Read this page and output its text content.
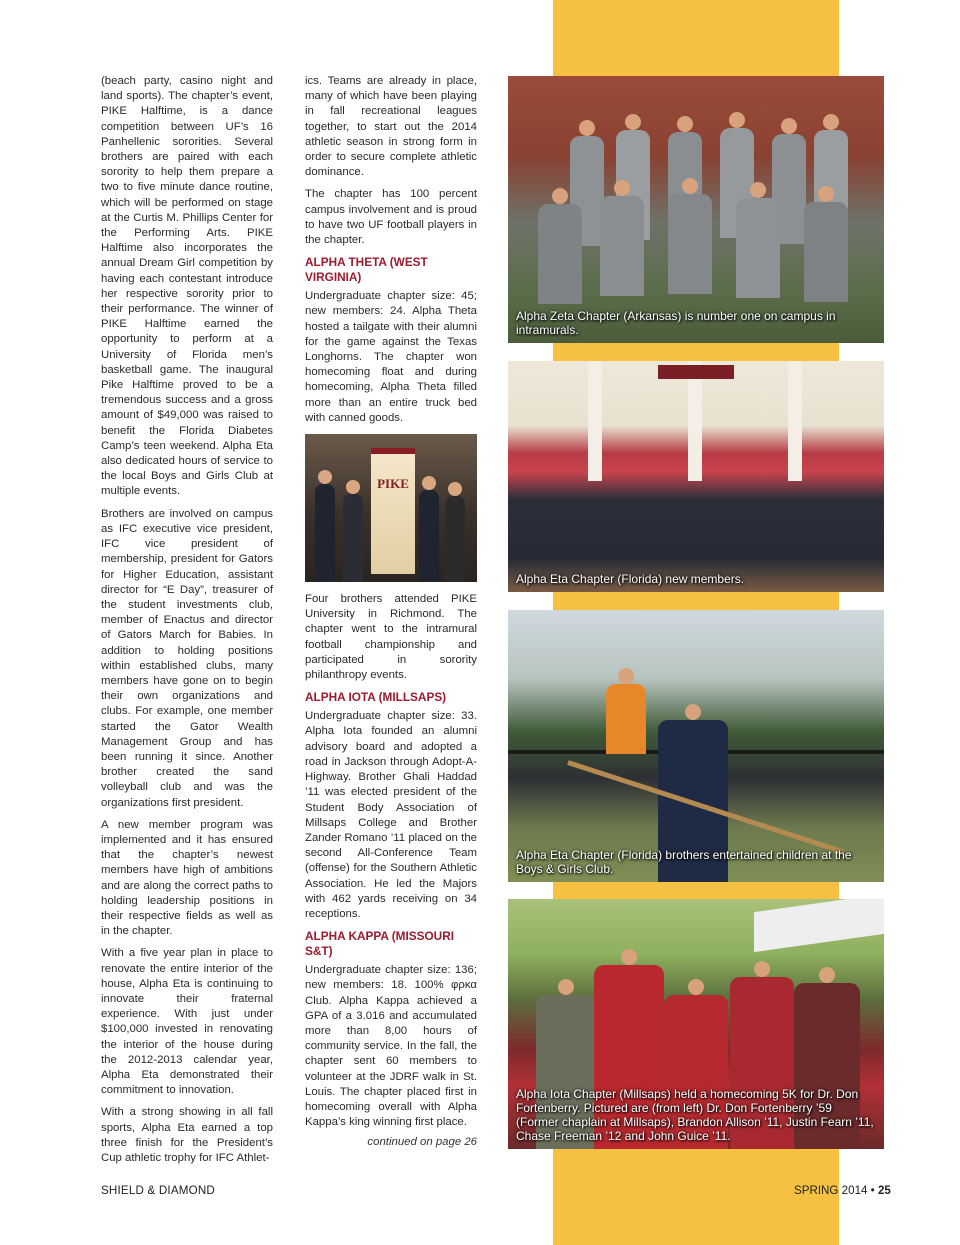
(beach party, casino night and land sports). The chapter’s event, PIKE Halftime, is a dance competition between UF’s 16 Panhellenic sororities. Several brothers are paired with each sorority to help them prepare a two to five minute dance routine, which will be performed on stage at the Curtis M. Phillips Center for the Performing Arts. PIKE Halftime also incorporates the annual Dream Girl competition by having each contestant introduce her respective sorority prior to their performance. The winner of PIKE Halftime earned the opportunity to perform at a University of Florida men’s basketball game. The inaugural Pike Halftime proved to be a tremendous success and a gross amount of $49,000 was raised to benefit the Florida Diabetes Camp’s teen weekend. Alpha Eta also dedicated hours of service to the local Boys and Girls Club at multiple events.

Brothers are involved on campus as IFC executive vice president, IFC vice president of membership, president for Gators for Higher Education, assistant director for “E Day”, treasurer of the student investments club, member of Enactus and director of Gators March for Babies. In addition to holding positions within established clubs, many members have gone on to begin their own organizations and clubs. For example, one member started the Gator Wealth Management Group and has been running it since. Another brother created the sand volleyball club and was the organizations first president.

A new member program was implemented and it has ensured that the chapter’s newest members have high of ambitions and are along the correct paths to holding leadership positions in their respective fields as well as in the chapter.

With a five year plan in place to renovate the entire interior of the house, Alpha Eta is continuing to innovate their fraternal experience. With just under $100,000 invested in renovating the interior of the house during the 2012-2013 calendar year, Alpha Eta demonstrated their commitment to innovation.

With a strong showing in all fall sports, Alpha Eta earned a top three finish for the President’s Cup athletic trophy for IFC Athlet-

ics. Teams are already in place, many of which have been playing in fall recreational leagues together, to start out the 2014 athletic season in strong form in order to secure complete athletic dominance.

The chapter has 100 percent campus involvement and is proud to have two UF football players in the chapter.

ALPHA THETA (WEST VIRGINIA)

Undergraduate chapter size: 45; new members: 24. Alpha Theta hosted a tailgate with their alumni for the game against the Texas Longhorns. The chapter won homecoming float and during homecoming, Alpha Theta filled more than an entire truck bed with canned goods.

PIKE

Four brothers attended PIKE University in Richmond. The chapter went to the intramural football championship and participated in sorority philanthropy events.

ALPHA IOTA (MILLSAPS)

Undergraduate chapter size: 33. Alpha Iota founded an alumni advisory board and adopted a road in Jackson through Adopt-A-Highway. Brother Ghali Haddad ’11 was elected president of the Student Body Association of Millsaps College and Brother Zander Romano ’11 placed on the second All-Conference Team (offense) for the Southern Athletic Association. He led the Majors with 462 yards receiving on 34 receptions.

ALPHA KAPPA (MISSOURI S&T)

Undergraduate chapter size: 136; new members: 18. 100% φρκα Club. Alpha Kappa achieved a GPA of a 3.016 and accumulated more than 8,00 hours of community service. In the fall, the chapter sent 60 members to volunteer at the JDRF walk in St. Louis. The chapter placed first in homecoming overall with Alpha Kappa’s king winning first place.

continued on page 26
Alpha Zeta Chapter (Arkansas) is number one on campus in intramurals.
Alpha Eta Chapter (Florida) new members.
Alpha Eta Chapter (Florida) brothers entertained children at the Boys & Girls Club.
Alpha Iota Chapter (Millsaps) held a homecoming 5K for Dr. Don Fortenberry. Pictured are (from left) Dr. Don Fortenberry ’59 (Former chaplain at Millsaps), Brandon Allison ’11, Justin Fearn ’11, Chase Freeman ’12 and John Guice ’11.
SHIELD & DIAMOND	SPRING 2014 • 25
